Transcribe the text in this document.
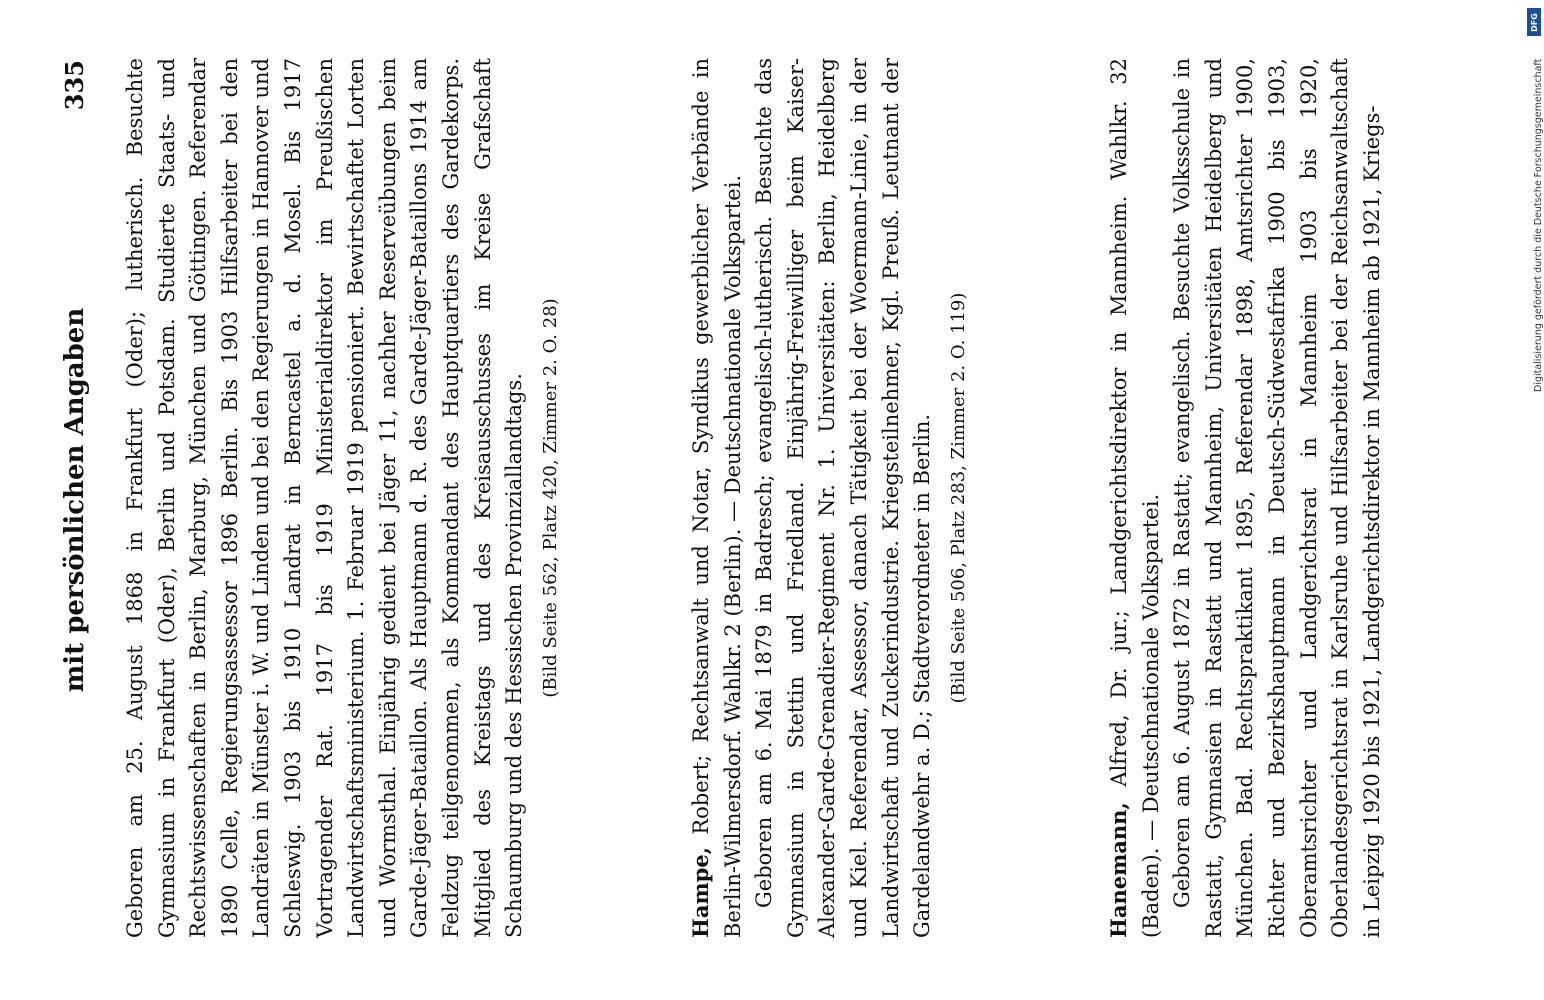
mit persönlichen Angaben
335 Geboren am 25. August 1868 in Frankfurt (Oder); lutherisch. Besuchte Gymnasium in Frankfurt (Oder), Berlin und Potsdam. Studierte Staats- und Rechtswissenschaften in Berlin, Marburg, München und Göttingen. Referendar 1890 Celle, Regierungsassessor 1896 Berlin. Bis 1903 Hilfsarbeiter bei den Landräten in Münster i. W. und Linden und bei den Regierungen in Hannover und Schleswig. 1903 bis 1910 Landrat in Berncastel a. d. Mosel. Bis 1917 Vortragender Rat. 1917 bis 1919 Ministerialdirektor im Preußischen Landwirtschaftsministerium. 1. Februar 1919 pensioniert. Bewirtschaftet Lorten und Wormsthal. Einjährig gedient bei Jäger 11, nachher Reserveübungen beim Garde-Jäger-Bataillon. Als Hauptmann d. R. des Garde-Jäger-Bataillons 1914 am Feldzug teilgenommen, als Kommandant des Hauptquartiers des Gardekorps. Mitglied des Kreistags und des Kreisausschusses im Kreise Grafschaft Schaumburg und des Hessischen Provinziallandtags. (Bild Seite 562, Platz 420, Zimmer 2. O. 28)

Hampe, Robert; Rechtsanwalt und Notar, Syndikus gewerblicher Verbände in Berlin-Wilmersdorf. Wahlkr. 2 (Berlin). — Deutschnationale Volkspartei. Geboren am 6. Mai 1879 in Badresch; evangelisch-lutherisch. Besuchte das Gymnasium in Stettin und Friedland. Einjährig-Freiwilliger beim Kaiser-Alexander-Garde-Grenadier-Regiment Nr. 1. Universitäten: Berlin, Heidelberg und Kiel. Referendar, Assessor, danach Tätigkeit bei der Woermann-Linie, in der Landwirtschaft und Zuckerindustrie. Kriegsteilnehmer, Kgl. Preuß. Leutnant der Gardelandwehr a. D.; Stadtverordneter in Berlin. (Bild Seite 506, Platz 283, Zimmer 2. O. 119)

Hanemann, Alfred, Dr. jur.; Landgerichtsdirektor in Mannheim. Wahlkr. 32 (Baden). — Deutschnationale Volkspartei. Geboren am 6. August 1872 in Rastatt; evangelisch. Besuchte Volksschule in Rastatt, Gymnasien in Rastatt und Mannheim, Universitäten Heidelberg und München. Bad. Rechtspraktikant 1895, Referendar 1898, Amtsrichter 1900, Richter und Bezirkshauptmann in Deutsch-Südwestafrika 1900 bis 1903, Oberamtsrichter und Landgerichtsrat in Mannheim 1903 bis 1920, Oberlandesgerichtsrat in Karlsruhe und Hilfsarbeiter bei der Reichsanwaltschaft in Leipzig 1920 bis 1921, Landgerichtsdirektor in Mannheim ab 1921, Kriegs-

DFG
Digitalisierung gefördert durch die Deutsche Forschungsgemeinschaft
